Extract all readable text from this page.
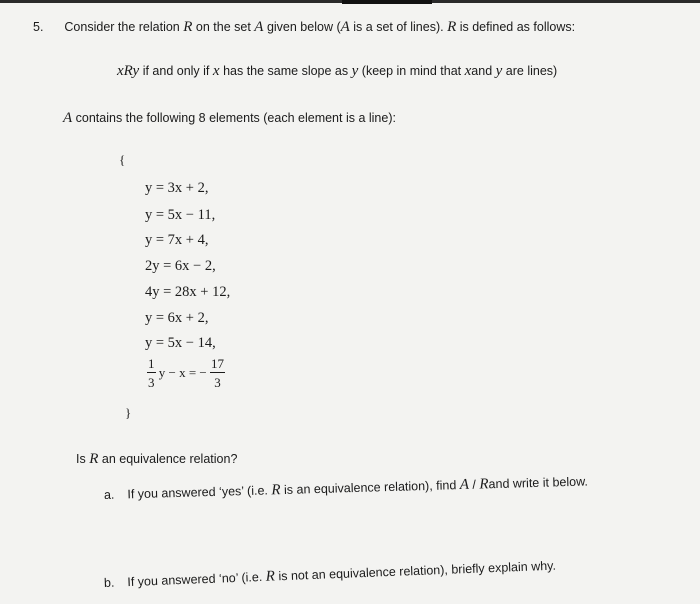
5. Consider the relation R on the set A given below (A is a set of lines). R is defined as follows:
xRy if and only if x has the same slope as y (keep in mind that xand y are lines)
A contains the following 8 elements (each element is a line):
{
y = 3x + 2,
y = 5x − 11,
y = 7x + 4,
2y = 6x − 2,
4y = 28x + 12,
y = 6x + 2,
y = 5x − 14,
$\frac{1}{3}$ y − x = − $\frac{17}{3}$
}
Is R an equivalence relation?
a. If you answered ‘yes’ (i.e. R is an equivalence relation), find A / Rand write it below.
b. If you answered ‘no’ (i.e. R is not an equivalence relation), briefly explain why.
